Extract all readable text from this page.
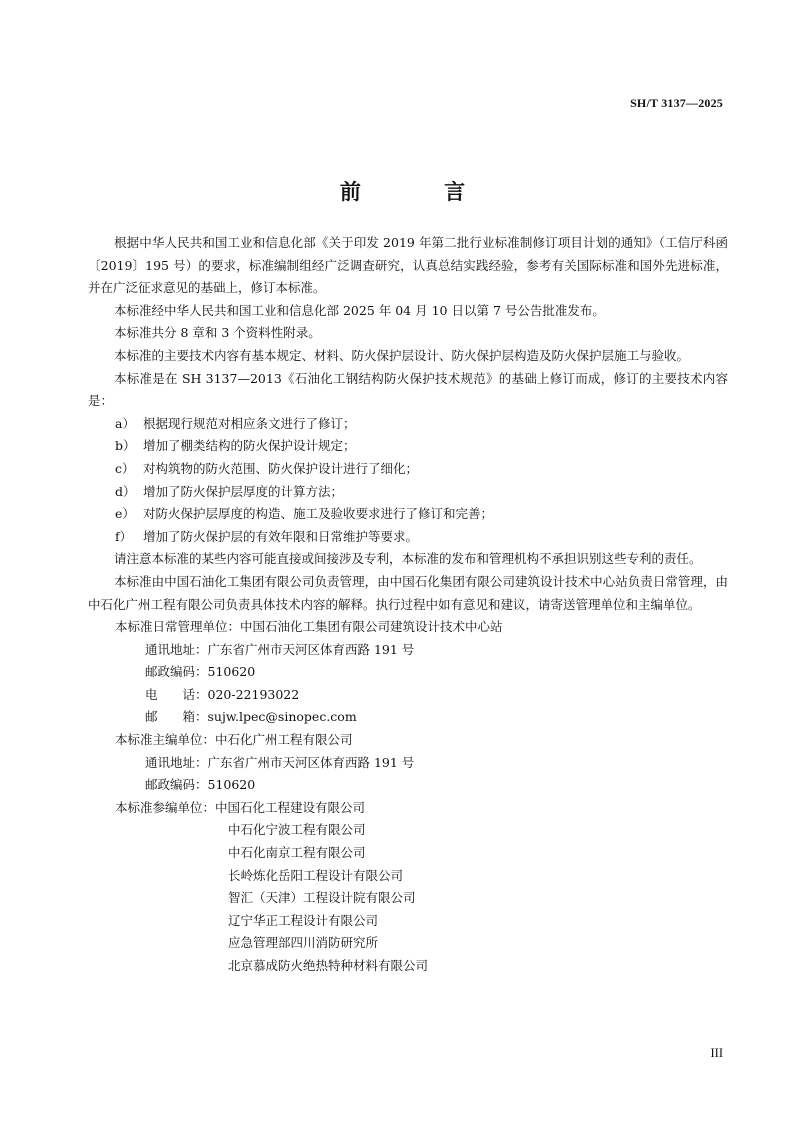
SH/T 3137—2025
前 言

根据中华人民共和国工业和信息化部《关于印发 2019 年第二批行业标准制修订项目计划的通知》（工信厅科函〔2019〕195 号）的要求，标准编制组经广泛调查研究，认真总结实践经验，参考有关国际标准和国外先进标准，并在广泛征求意见的基础上，修订本标准。

本标准经中华人民共和国工业和信息化部 2025 年 04 月 10 日以第 7 号公告批准发布。

本标准共分 8 章和 3 个资料性附录。

本标准的主要技术内容有基本规定、材料、防火保护层设计、防火保护层构造及防火保护层施工与验收。

本标准是在 SH 3137—2013《石油化工钢结构防火保护技术规范》的基础上修订而成，修订的主要技术内容是：

a） 根据现行规范对相应条文进行了修订；

b） 增加了棚类结构的防火保护设计规定；

c） 对构筑物的防火范围、防火保护设计进行了细化；

d） 增加了防火保护层厚度的计算方法；

e） 对防火保护层厚度的构造、施工及验收要求进行了修订和完善；

f） 增加了防火保护层的有效年限和日常维护等要求。

请注意本标准的某些内容可能直接或间接涉及专利，本标准的发布和管理机构不承担识别这些专利的责任。

本标准由中国石油化工集团有限公司负责管理，由中国石化集团有限公司建筑设计技术中心站负责日常管理，由中石化广州工程有限公司负责具体技术内容的解释。执行过程中如有意见和建议，请寄送管理单位和主编单位。

本标准日常管理单位：中国石油化工集团有限公司建筑设计技术中心站

通讯地址：广东省广州市天河区体育西路 191 号

邮政编码：510620

电　　话：020-22193022

邮　　箱：sujw.lpec@sinopec.com

本标准主编单位：中石化广州工程有限公司

通讯地址：广东省广州市天河区体育西路 191 号

邮政编码：510620

本标准参编单位：中国石化工程建设有限公司

中石化宁波工程有限公司

中石化南京工程有限公司

长岭炼化岳阳工程设计有限公司

智汇（天津）工程设计院有限公司

辽宁华正工程设计有限公司

应急管理部四川消防研究所

北京慕成防火绝热特种材料有限公司

III
